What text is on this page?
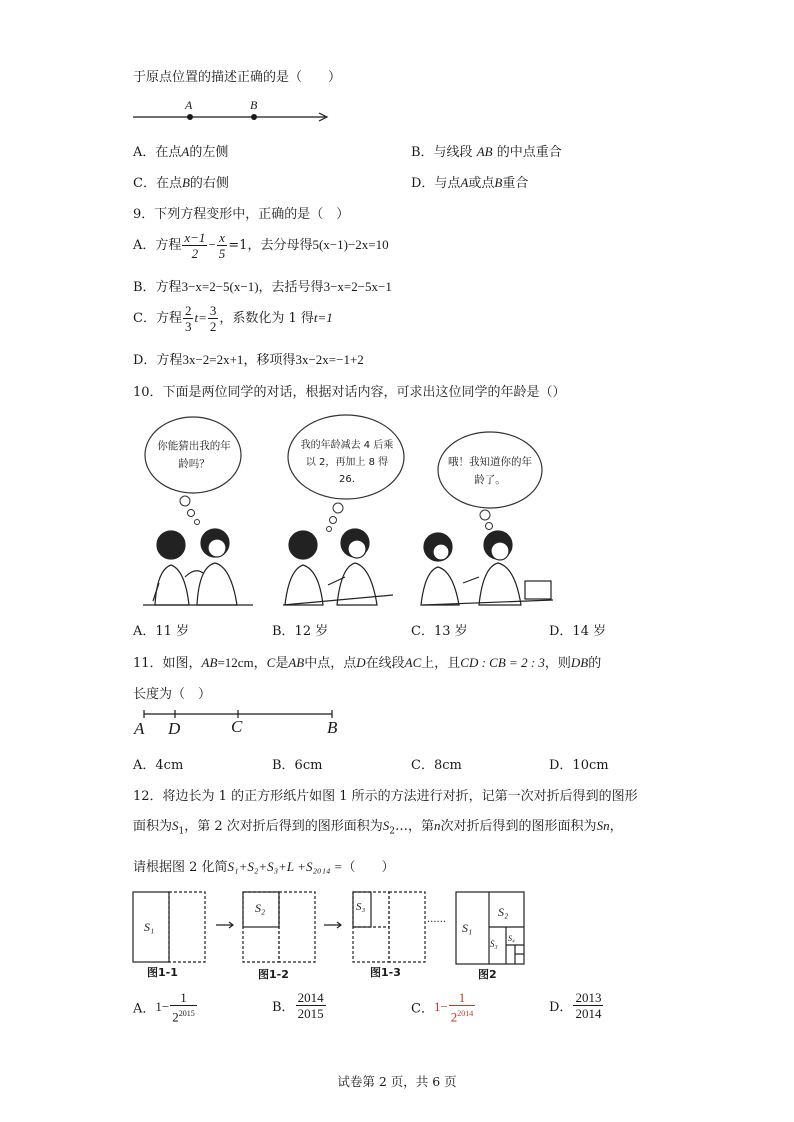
于原点位置的描述正确的是（　　）
A	B
A．在点A的左侧	B．与线段 AB 的中点重合
C．在点B的右侧	D．与点A或点B重合
9．下列方程变形中，正确的是（　）
A．方程 $\frac{x-1}{2} - \frac{x}{5} =1$，去分母得5(x−1)−2x=10
B．方程3−x=2−5(x−1)，去括号得3−x=2−5x−1
C．方程 $\frac{2}{3} t= \frac{3}{2}$ ，系数化为 1 得t=1
D．方程3x−2=2x+1，移项得3x−2x=−1+2
10．下面是两位同学的对话，根据对话内容，可求出这位同学的年龄是（）
你能猜出我的年龄吗？
我的年龄减去 4 后乘以 2，再加上 8 得 26.
哦！我知道你的年龄了。
A．11 岁	B．12 岁	C．13 岁	D．14 岁
11．如图，AB=12cm，C是AB中点，点D在线段AC上，且CD : CB = 2 : 3，则DB的
长度为（　）
A D	C	B
A．4cm	B．6cm	C．8cm	D．10cm
12．将边长为 1 的正方形纸片如图 1 所示的方法进行对折，记第一次对折后得到的图形
面积为$S_1$，第 2 次对折后得到的图形面积为$S_2\dots$，第n次对折后得到的图形面积为Sn，
请根据图 2 化简S₁+S₂+S₃+L +S₂₀₁₄ =（　　）
S₁
S₂	S₃
······ S₁
S₂
S₃
S₄
图1-1	图1-2	图1-3	图2
A．$1- \frac{1}{2^{2015}}$	B． $\frac{2014}{2015}$	C．$1- \frac{1}{2^{2014}}$	D． $\frac{2013}{2014}$
试卷第 2 页，共 6 页
